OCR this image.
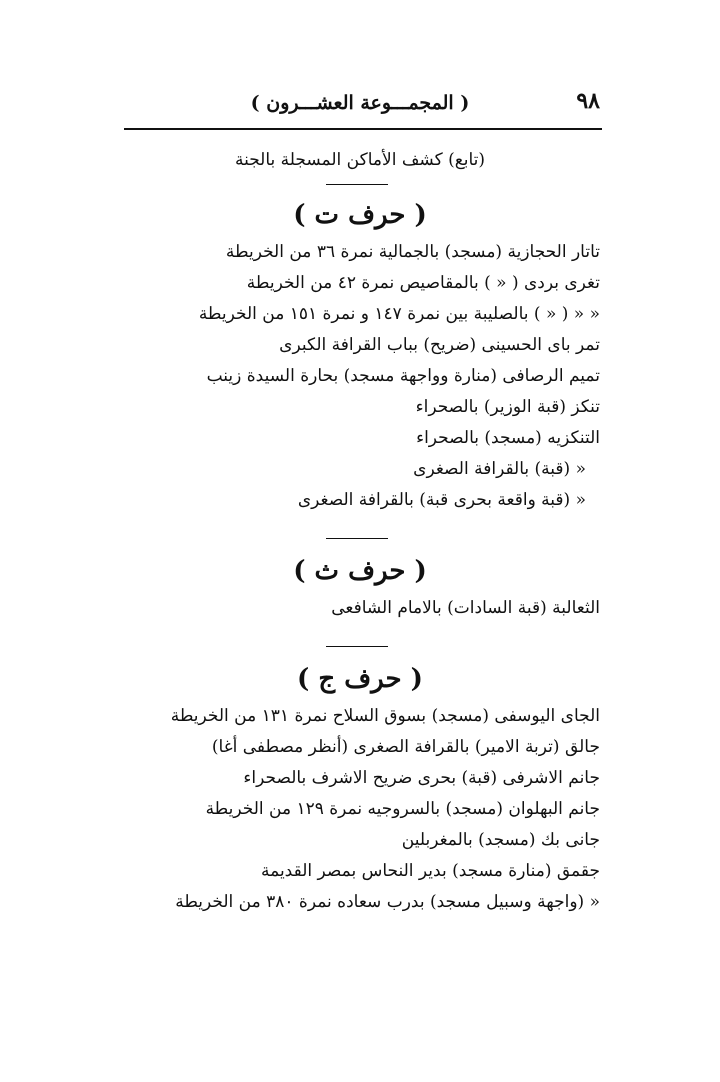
٩٨
( المجمـــوعة العشـــرون )
(تابع) كشف الأماكن المسجلة بالجنة
( حرف ت )
تاتار الحجازية (مسجد) بالجمالية نمرة ٣٦ من الخريطة
تغرى بردى ( « ) بالمقاصيص نمرة ٤٢ من الخريطة
« « ( « ) بالصليبة بين نمرة ١٤٧ و نمرة ١٥١ من الخريطة
تمر باى الحسينى (ضريح) بباب القرافة الكبرى
تميم الرصافى (منارة وواجهة مسجد) بحارة السيدة زينب
تنكز (قبة الوزير) بالصحراء
التنكزيه (مسجد) بالصحراء
« (قبة) بالقرافة الصغرى
« (قبة واقعة بحرى قبة) بالقرافة الصغرى
( حرف ث )
الثعالبة (قبة السادات) بالامام الشافعى
( حرف ج )
الجاى اليوسفى (مسجد) بسوق السلاح نمرة ١٣١ من الخريطة
جالق (تربة الامير) بالقرافة الصغرى (أنظر مصطفى أغا)
جانم الاشرفى (قبة) بحرى ضريح الاشرف بالصحراء
جانم البهلوان (مسجد) بالسروجيه نمرة ١٢٩ من الخريطة
جانى بك (مسجد) بالمغربلين
جقمق (منارة مسجد) بدير النحاس بمصر القديمة
« (واجهة وسبيل مسجد) بدرب سعاده نمرة ٣٨٠ من الخريطة
